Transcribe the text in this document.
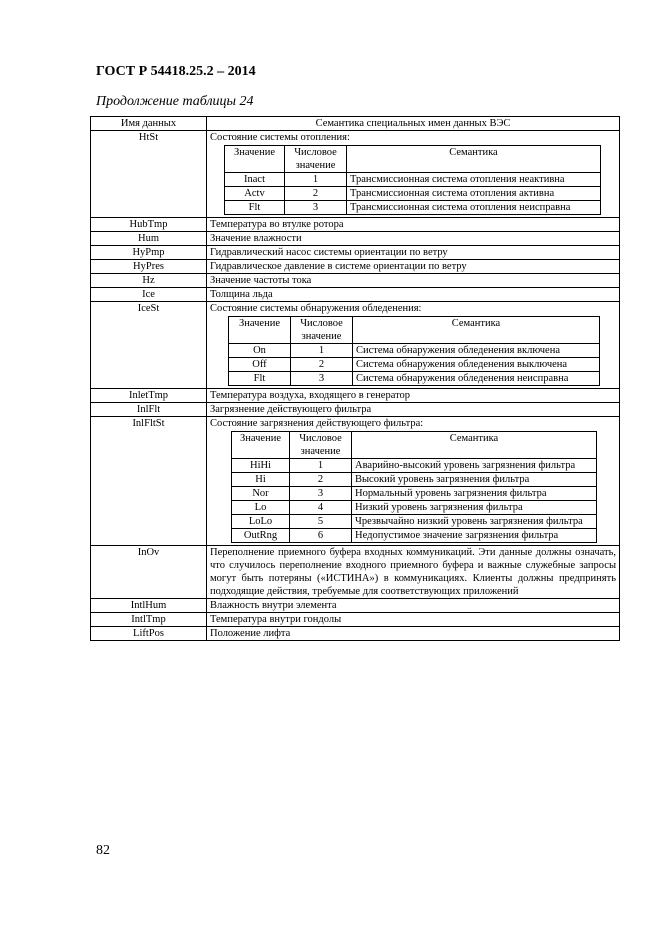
ГОСТ Р 54418.25.2 – 2014
Продолжение таблицы 24
Имя данных	Семантика специальных имен данных ВЭС
HtSt	Состояние системы отопления:

Значение	Числовое значение	Семантика
Inact	1	Трансмиссионная система отопления неактивна
Actv	2	Трансмиссионная система отопления активна
Flt	3	Трансмиссионная система отопления неисправна

HubTmp	Температура во втулке ротора
Hum	Значение влажности
HyPmp	Гидравлический насос системы ориентации по ветру
HyPres	Гидравлическое давление в системе ориентации по ветру
Hz	Значение частоты тока
Ice	Толщина льда
IceSt	Состояние системы обнаружения обледенения:

Значение	Числовое значение	Семантика
On	1	Система обнаружения обледенения включена
Off	2	Система обнаружения обледенения выключена
Flt	3	Система обнаружения обледенения неисправна

InletTmp	Температура воздуха, входящего в генератор
InlFlt	Загрязнение действующего фильтра
InlFltSt	Состояние загрязнения действующего фильтра:

Значение	Числовое значение	Семантика
HiHi	1	Аварийно-высокий уровень загрязнения фильтра
Hi	2	Высокий уровень загрязнения фильтра
Nor	3	Нормальный уровень загрязнения фильтра
Lo	4	Низкий уровень загрязнения фильтра
LoLo	5	Чрезвычайно низкий уровень загрязнения фильтра
OutRng	6	Недопустимое значение загрязнения фильтра

InOv	Переполнение приемного буфера входных коммуникаций. Эти данные должны означать, что случилось переполнение входного приемного буфера и важные служебные запросы могут быть потеряны («ИСТИНА») в коммуникациях. Клиенты должны предпринять подходящие действия, требуемые для соответствующих приложений
IntlHum	Влажность внутри элемента
IntlTmp	Температура внутри гондолы
LiftPos	Положение лифта
82
